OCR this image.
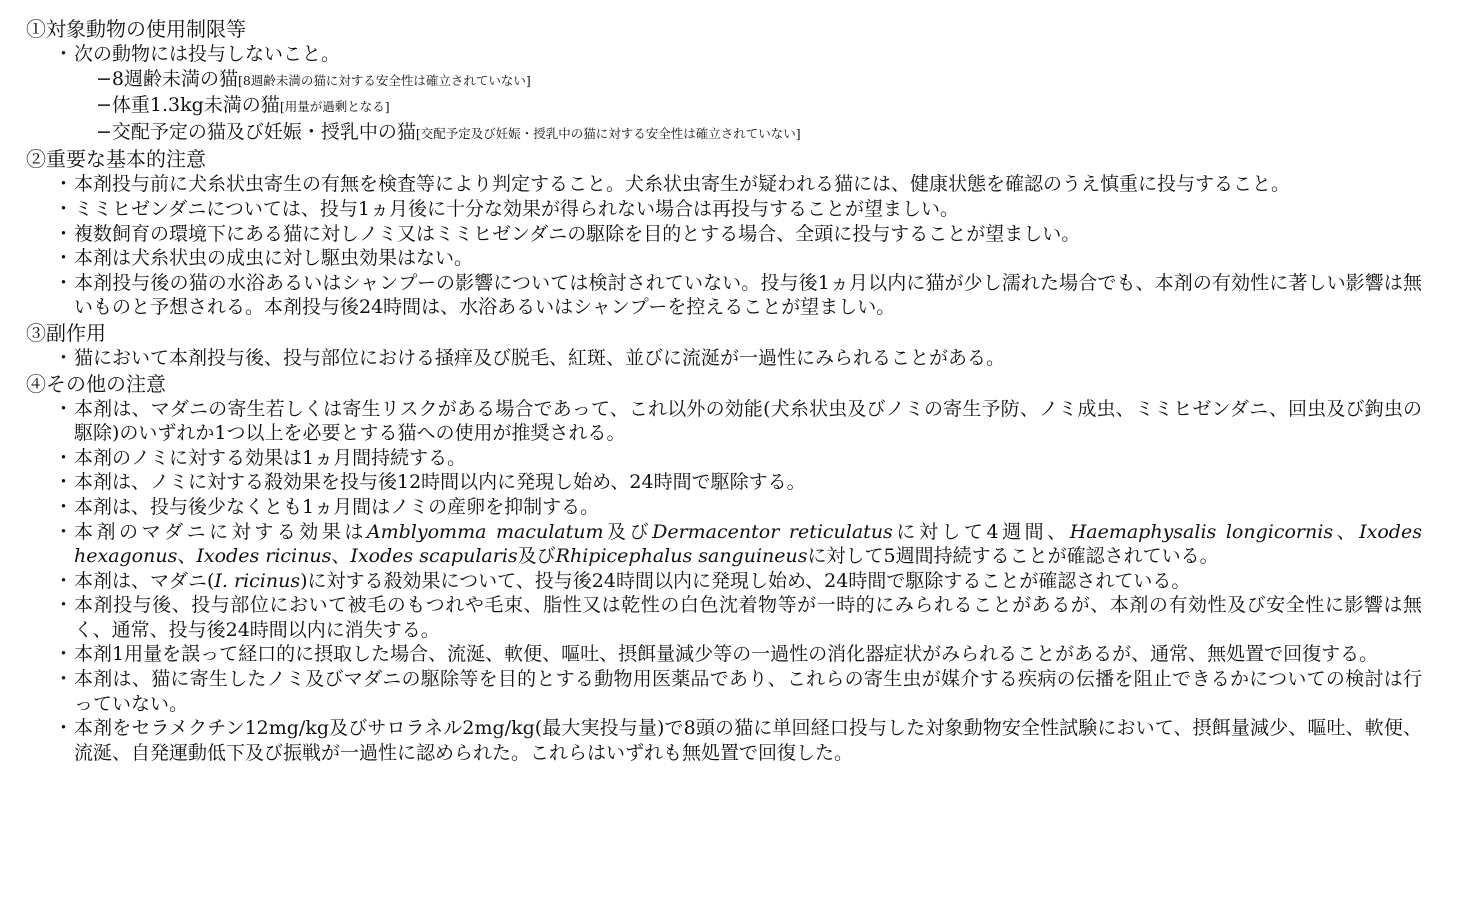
①対象動物の使用制限等
・ 次の動物には投与しないこと。
−8週齢未満の猫[8週齢未満の猫に対する安全性は確立されていない]
−体重1.3kg未満の猫[用量が過剰となる]
−交配予定の猫及び妊娠・授乳中の猫[交配予定及び妊娠・授乳中の猫に対する安全性は確立されていない]
②重要な基本的注意
・ 本剤投与前に犬糸状虫寄生の有無を検査等により判定すること。犬糸状虫寄生が疑われる猫には、健康状態を確認のうえ慎重に投与すること。
・ ミミヒゼンダニについては、投与1ヵ月後に十分な効果が得られない場合は再投与することが望ましい。
・ 複数飼育の環境下にある猫に対しノミ又はミミヒゼンダニの駆除を目的とする場合、全頭に投与することが望ましい。
・ 本剤は犬糸状虫の成虫に対し駆虫効果はない。
・ 本剤投与後の猫の水浴あるいはシャンプーの影響については検討されていない。投与後1ヵ月以内に猫が少し濡れた場合でも、本剤の有効性に著しい影響は無いものと予想される。本剤投与後24時間は、水浴あるいはシャンプーを控えることが望ましい。
③副作用
・ 猫において本剤投与後、投与部位における掻痒及び脱毛、紅斑、並びに流涎が一過性にみられることがある。
④その他の注意
・ 本剤は、マダニの寄生若しくは寄生リスクがある場合であって、これ以外の効能(犬糸状虫及びノミの寄生予防、ノミ成虫、ミミヒゼンダニ、回虫及び鉤虫の駆除)のいずれか1つ以上を必要とする猫への使用が推奨される。
・ 本剤のノミに対する効果は1ヵ月間持続する。
・ 本剤は、ノミに対する殺効果を投与後12時間以内に発現し始め、24時間で駆除する。
・ 本剤は、投与後少なくとも1ヵ月間はノミの産卵を抑制する。
・ 本剤のマダニに対する効果はAmblyomma maculatum及びDermacentor reticulatusに対して4週間、Haemaphysalis longicornis、Ixodes hexagonus、Ixodes ricinus、Ixodes scapularis及びRhipicephalus sanguineusに対して5週間持続することが確認されている。
・ 本剤は、マダニ(I. ricinus)に対する殺効果について、投与後24時間以内に発現し始め、24時間で駆除することが確認されている。
・ 本剤投与後、投与部位において被毛のもつれや毛束、脂性又は乾性の白色沈着物等が一時的にみられることがあるが、本剤の有効性及び安全性に影響は無く、通常、投与後24時間以内に消失する。
・ 本剤1用量を誤って経口的に摂取した場合、流涎、軟便、嘔吐、摂餌量減少等の一過性の消化器症状がみられることがあるが、通常、無処置で回復する。
・ 本剤は、猫に寄生したノミ及びマダニの駆除等を目的とする動物用医薬品であり、これらの寄生虫が媒介する疾病の伝播を阻止できるかについての検討は行っていない。
・ 本剤をセラメクチン12mg/kg及びサロラネル2mg/kg(最大実投与量)で8頭の猫に単回経口投与した対象動物安全性試験において、摂餌量減少、嘔吐、軟便、流涎、自発運動低下及び振戦が一過性に認められた。これらはいずれも無処置で回復した。
